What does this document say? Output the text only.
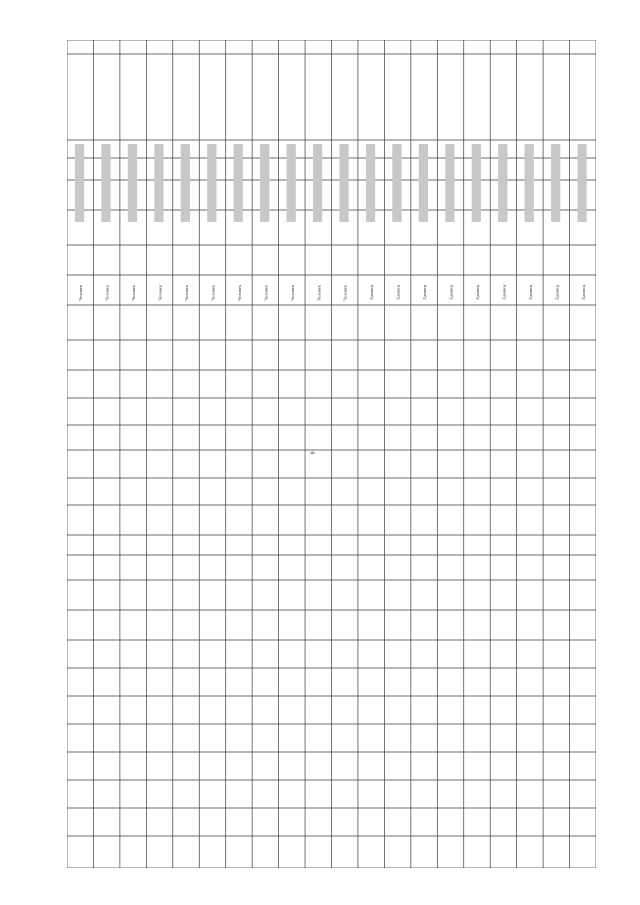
8
Человек	Человек	Человек	Человек	Человек	Человек	Человек	Человек	Человек	Человек	Человек	Единиц	Единиц	Единиц	Единиц	Единиц	Единиц	Единиц	Единиц	Единиц
